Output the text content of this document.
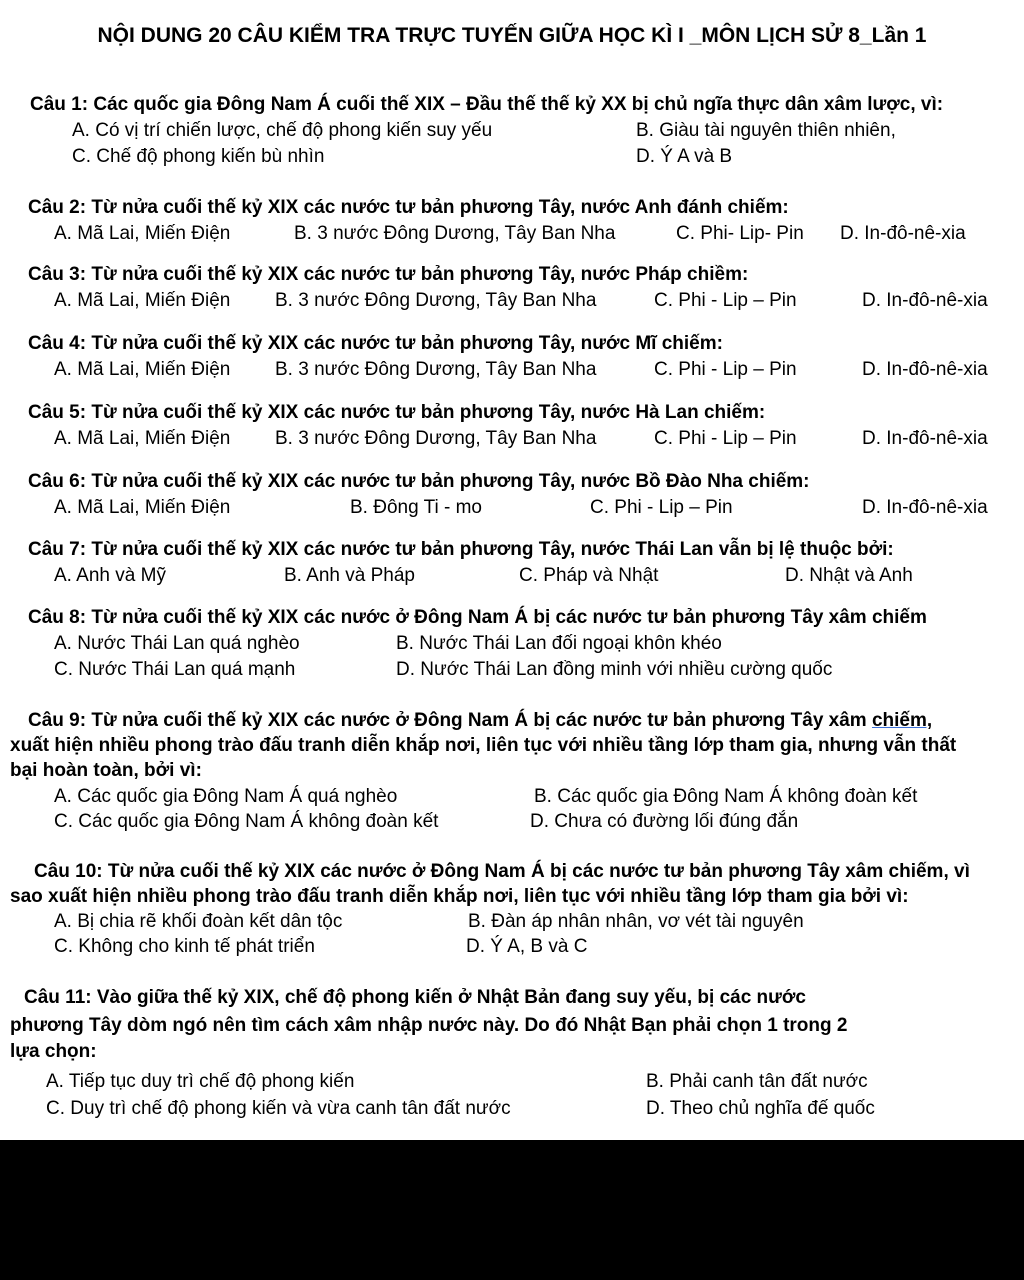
NỘI DUNG 20 CÂU KIỂM TRA TRỰC TUYẾN GIỮA HỌC KÌ I _MÔN LỊCH SỬ 8_Lần 1
Câu 1: Các quốc gia Đông Nam Á cuối thế XIX – Đầu thế thế kỷ XX bị chủ ngĩa thực dân xâm lược, vì:
A. Có vị trí chiến lược, chế độ phong kiến suy yếu	B. Giàu tài nguyên thiên nhiên,
C. Chế độ phong kiến bù nhìn	D. Ý A và B
Câu 2: Từ nửa cuối thế kỷ XIX các nước tư bản phương Tây, nước Anh đánh chiếm:
A. Mã Lai, Miến Điện	B. 3 nước Đông Dương, Tây Ban Nha	C. Phi- Lip- Pin D. In-đô-nê-xia
Câu 3: Từ nửa cuối thế kỷ XIX các nước tư bản phương Tây, nước Pháp chiềm:
A. Mã Lai, Miến Điện B. 3 nước Đông Dương, Tây Ban Nha	C. Phi - Lip – Pin	D. In-đô-nê-xia
Câu 4: Từ nửa cuối thế kỷ XIX các nước tư bản phương Tây, nước Mĩ chiếm:
A. Mã Lai, Miến Điện B. 3 nước Đông Dương, Tây Ban Nha	C. Phi - Lip – Pin	D. In-đô-nê-xia
Câu 5: Từ nửa cuối thế kỷ XIX các nước tư bản phương Tây, nước Hà Lan chiếm:
A. Mã Lai, Miến Điện B. 3 nước Đông Dương, Tây Ban Nha	C. Phi - Lip – Pin	D. In-đô-nê-xia
Câu 6: Từ nửa cuối thế kỷ XIX các nước tư bản phương Tây, nước Bồ Đào Nha chiếm:
A. Mã Lai, Miến Điện	B. Đông Ti - mo	C. Phi - Lip – Pin	D. In-đô-nê-xia
Câu 7: Từ nửa cuối thế kỷ XIX các nước tư bản phương Tây, nước Thái Lan vẫn bị lệ thuộc bởi:
A. Anh và Mỹ	B. Anh và Pháp	C. Pháp và Nhật	D. Nhật và Anh
Câu 8: Từ nửa cuối thế kỷ XIX các nước ở Đông Nam Á bị các nước tư bản phương Tây xâm chiếm
A. Nước Thái Lan quá nghèo	B. Nước Thái Lan đối ngoại khôn khéo
C. Nước Thái Lan quá mạnh	D. Nước Thái Lan đồng minh với nhiều cường quốc
Câu 9: Từ nửa cuối thế kỷ XIX các nước ở Đông Nam Á bị các nước tư bản phương Tây xâm chiếm,
xuất hiện nhiều phong trào đấu tranh diễn khắp nơi, liên tục với nhiều tầng lớp tham gia, nhưng vẫn thất
bại hoàn toàn, bởi vì:
A. Các quốc gia Đông Nam Á quá nghèo	B. Các quốc gia Đông Nam Á không đoàn kết
C. Các quốc gia Đông Nam Á không đoàn kết	D. Chưa có đường lối đúng đắn
Câu 10: Từ nửa cuối thế kỷ XIX các nước ở Đông Nam Á bị các nước tư bản phương Tây xâm chiếm, vì
sao xuất hiện nhiều phong trào đấu tranh diễn khắp nơi, liên tục với nhiều tầng lớp tham gia bởi vì:
A. Bị chia rẽ khối đoàn kết dân tộc	B. Đàn áp nhân nhân, vơ vét tài nguyên
C. Không cho kinh tế phát triển	D. Ý A, B và C
Câu 11: Vào giữa thế kỷ XIX, chế độ phong kiến ở Nhật Bản đang suy yếu, bị các nước
phương Tây dòm ngó nên tìm cách xâm nhập nước này. Do đó Nhật Bạn phải chọn 1 trong 2
lựa chọn:
A. Tiếp tục duy trì chế độ phong kiến	B. Phải canh tân đất nước
C. Duy trì chế độ phong kiến và vừa canh tân đất nước	D. Theo chủ nghĩa đế quốc
